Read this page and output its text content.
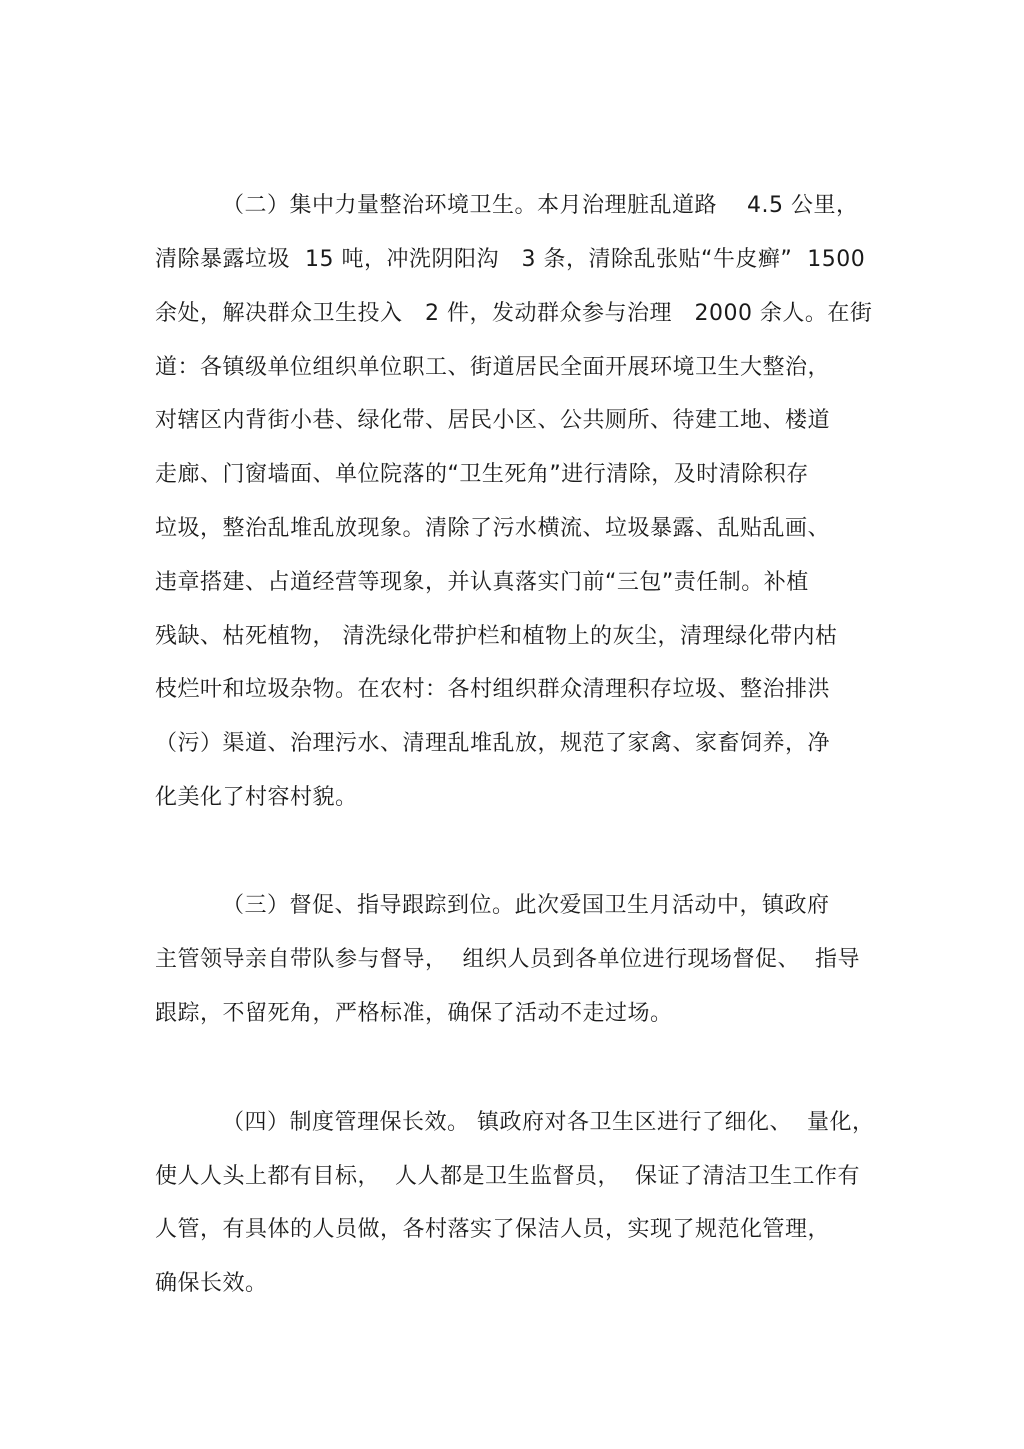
（二）集中力量整治环境卫生。本月治理脏乱道路    4.5 公里，
清除暴露垃圾  15 吨，冲洗阴阳沟   3 条，清除乱张贴“牛皮癣”  1500
余处，解决群众卫生投入   2 件，发动群众参与治理   2000 余人。在街
道：各镇级单位组织单位职工、街道居民全面开展环境卫生大整治，
对辖区内背街小巷、绿化带、居民小区、公共厕所、待建工地、楼道
走廊、门窗墙面、单位院落的“卫生死角”进行清除，及时清除积存
垃圾，整治乱堆乱放现象。清除了污水横流、垃圾暴露、乱贴乱画、
违章搭建、占道经营等现象，并认真落实门前“三包”责任制。补植
残缺、枯死植物， 清洗绿化带护栏和植物上的灰尘，清理绿化带内枯
枝烂叶和垃圾杂物。在农村：各村组织群众清理积存垃圾、整治排洪
（污）渠道、治理污水、清理乱堆乱放，规范了家禽、家畜饲养，净
化美化了村容村貌。
（三）督促、指导跟踪到位。此次爱国卫生月活动中，镇政府
主管领导亲自带队参与督导，  组织人员到各单位进行现场督促、  指导
跟踪，不留死角，严格标准，确保了活动不走过场。
（四）制度管理保长效。 镇政府对各卫生区进行了细化、  量化，
使人人头上都有目标，  人人都是卫生监督员，  保证了清洁卫生工作有
人管，有具体的人员做，各村落实了保洁人员，实现了规范化管理，
确保长效。
